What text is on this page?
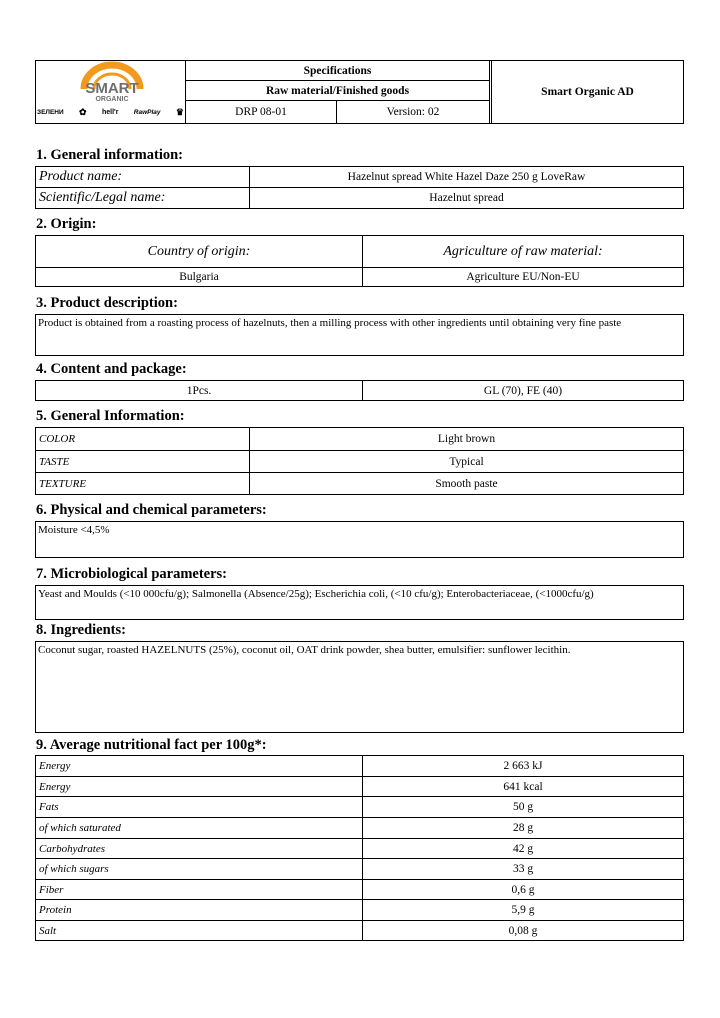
SMART
ORGANIC
ЗЕЛЕНИ ✿ hell'r RawPlay ♛
Specifications
Raw material/Finished goods
DRP 08-01	Version: 02
Smart Organic AD
1. General information:
Product name:	Hazelnut spread White Hazel Daze 250 g LoveRaw
Scientific/Legal name:	Hazelnut spread
2. Origin:
Country of origin:	Agriculture of raw material:
Bulgaria	Agriculture EU/Non-EU
3. Product description:
Product is obtained from a roasting process of hazelnuts, then a milling process with other ingredients until obtaining very fine paste
4. Content and package:
1Pcs.	GL (70), FE (40)
5. General Information:
COLOR	Light brown
TASTE	Typical
TEXTURE	Smooth paste
6. Physical and chemical parameters:
Moisture <4,5%
7. Microbiological parameters:
Yeast and Moulds (<10 000cfu/g); Salmonella (Absence/25g); Escherichia coli, (<10 cfu/g); Enterobacteriaceae, (<1000cfu/g)
8. Ingredients:
Coconut sugar, roasted HAZELNUTS (25%), coconut oil, OAT drink powder, shea butter, emulsifier: sunflower lecithin.
9. Average nutritional fact per 100g*:
Energy	2 663 kJ
Energy	641 kcal
Fats	50 g
of which saturated	28 g
Carbohydrates	42 g
of which sugars	33 g
Fiber	0,6 g
Protein	5,9 g
Salt	0,08 g
